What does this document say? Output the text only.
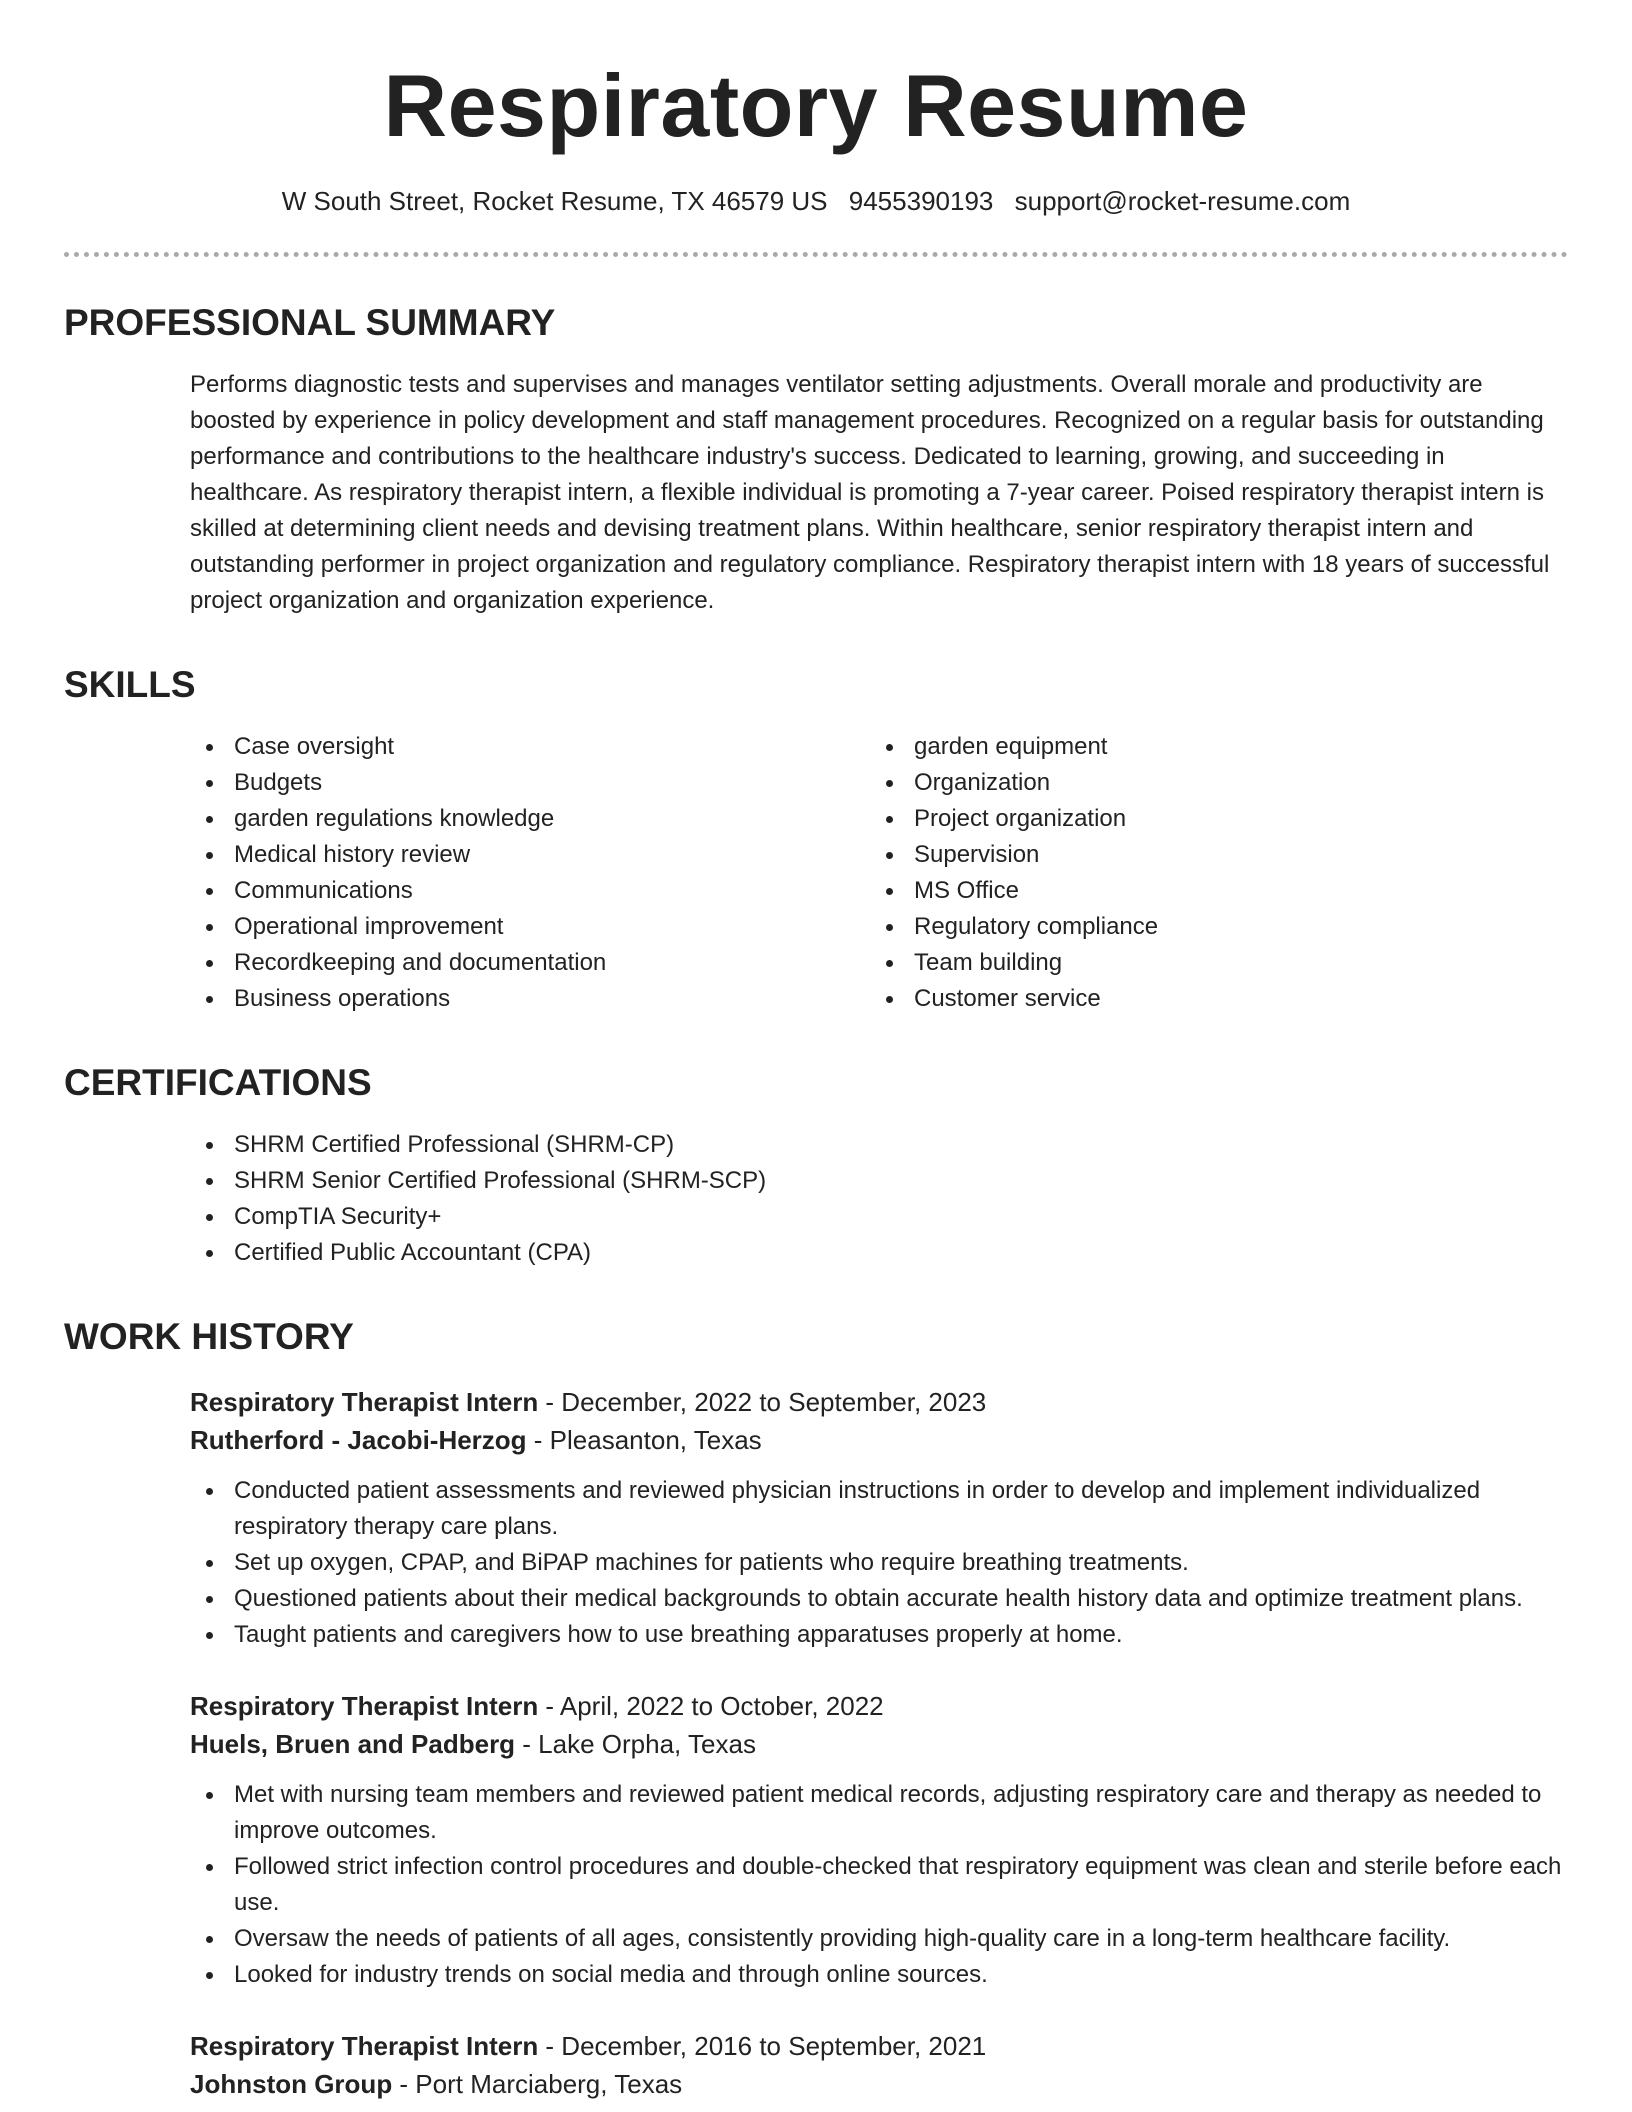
Respiratory Resume
W South Street, Rocket Resume, TX 46579 US 9455390193 support@rocket-resume.com
PROFESSIONAL SUMMARY

Performs diagnostic tests and supervises and manages ventilator setting adjustments. Overall morale and productivity are boosted by experience in policy development and staff management procedures. Recognized on a regular basis for outstanding performance and contributions to the healthcare industry's success. Dedicated to learning, growing, and succeeding in healthcare. As respiratory therapist intern, a flexible individual is promoting a 7-year career. Poised respiratory therapist intern is skilled at determining client needs and devising treatment plans. Within healthcare, senior respiratory therapist intern and outstanding performer in project organization and regulatory compliance. Respiratory therapist intern with 18 years of successful project organization and organization experience.

SKILLS
Case oversight
Budgets
garden regulations knowledge
Medical history review
Communications
Operational improvement
Recordkeeping and documentation
Business operations
garden equipment
Organization
Project organization
Supervision
MS Office
Regulatory compliance
Team building
Customer service
CERTIFICATIONS
SHRM Certified Professional (SHRM-CP)
SHRM Senior Certified Professional (SHRM-SCP)
CompTIA Security+
Certified Public Accountant (CPA)
WORK HISTORY
Respiratory Therapist Intern - December, 2022 to September, 2023
Rutherford - Jacobi-Herzog - Pleasanton, Texas
Conducted patient assessments and reviewed physician instructions in order to develop and implement individualized respiratory therapy care plans.
Set up oxygen, CPAP, and BiPAP machines for patients who require breathing treatments.
Questioned patients about their medical backgrounds to obtain accurate health history data and optimize treatment plans.
Taught patients and caregivers how to use breathing apparatuses properly at home.
Respiratory Therapist Intern - April, 2022 to October, 2022
Huels, Bruen and Padberg - Lake Orpha, Texas
Met with nursing team members and reviewed patient medical records, adjusting respiratory care and therapy as needed to improve outcomes.
Followed strict infection control procedures and double-checked that respiratory equipment was clean and sterile before each use.
Oversaw the needs of patients of all ages, consistently providing high-quality care in a long-term healthcare facility.
Looked for industry trends on social media and through online sources.
Respiratory Therapist Intern - December, 2016 to September, 2021
Johnston Group - Port Marciaberg, Texas
